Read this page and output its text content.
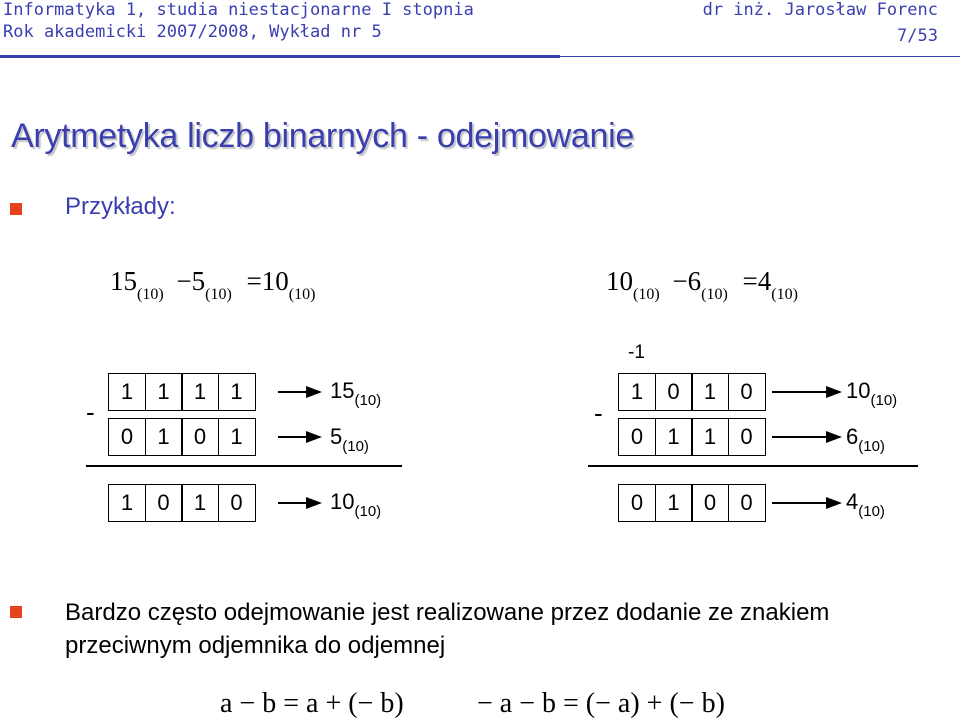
Informatyka 1, studia niestacjonarne I stopnia	dr inż. Jarosław Forenc
Rok akademicki 2007/2008, Wykład nr 5	7/53
Arytmetyka liczb binarnych - odejmowanie
Przykłady:
$15_{(10)} -5_{(10)} =10_{(10)}$	$10_{(10)} -6_{(10)} =4_{(10)}$
-
1	1	1	1	$15_{(10)}$
0	1	0	1	$5_{(10)}$
1	0	1	0	$10_{(10)}$
-1
-
1	0	1	0	$10_{(10)}$
0	1	1	0	$6_{(10)}$
0	1	0	0	$4_{(10)}$
Bardzo często odejmowanie jest realizowane przez dodanie ze znakiem przeciwnym odjemnika do odjemnej
a − b = a + (− b)	− a − b = (− a) + (− b)
